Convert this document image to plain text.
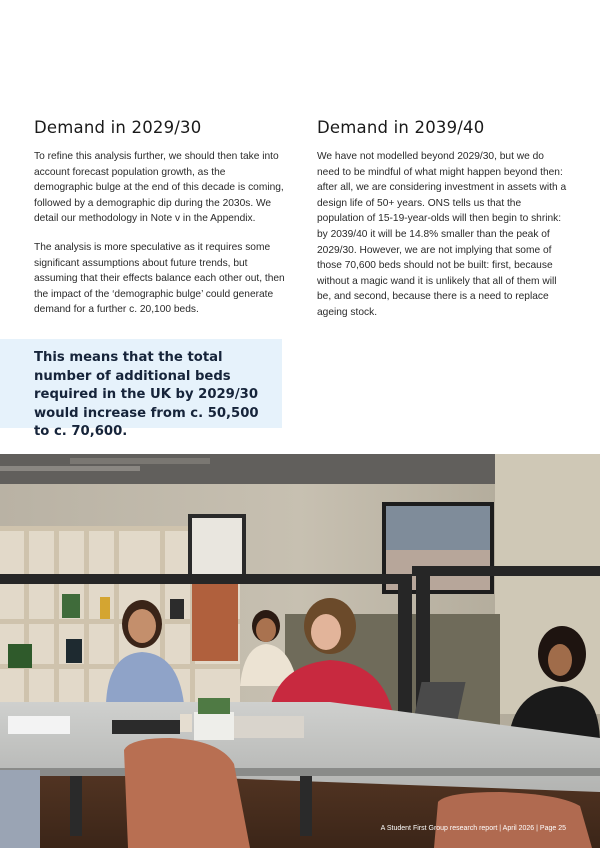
Demand in 2029/30

To refine this analysis further, we should then take into account forecast population growth, as the demographic bulge at the end of this decade is coming, followed by a demographic dip during the 2030s. We detail our methodology in Note v in the Appendix.

The analysis is more speculative as it requires some significant assumptions about future trends, but assuming that their effects balance each other out, then the impact of the ‘demographic bulge’ could generate demand for a further c. 20,100 beds.

Demand in 2039/40

We have not modelled beyond 2029/30, but we do need to be mindful of what might happen beyond then: after all, we are considering investment in assets with a design life of 50+ years. ONS tells us that the population of 15-19-year-olds will then begin to shrink: by 2039/40 it will be 14.8% smaller than the peak of 2029/30. However, we are not implying that some of those 70,600 beds should not be built: first, because without a magic wand it is unlikely that all of them will be, and second, because there is a need to replace ageing stock.

This means that the total number of additional beds required in the UK by 2029/30 would increase from c. 50,500 to c. 70,600.

A Student First Group research report | April 2026 | Page 25
